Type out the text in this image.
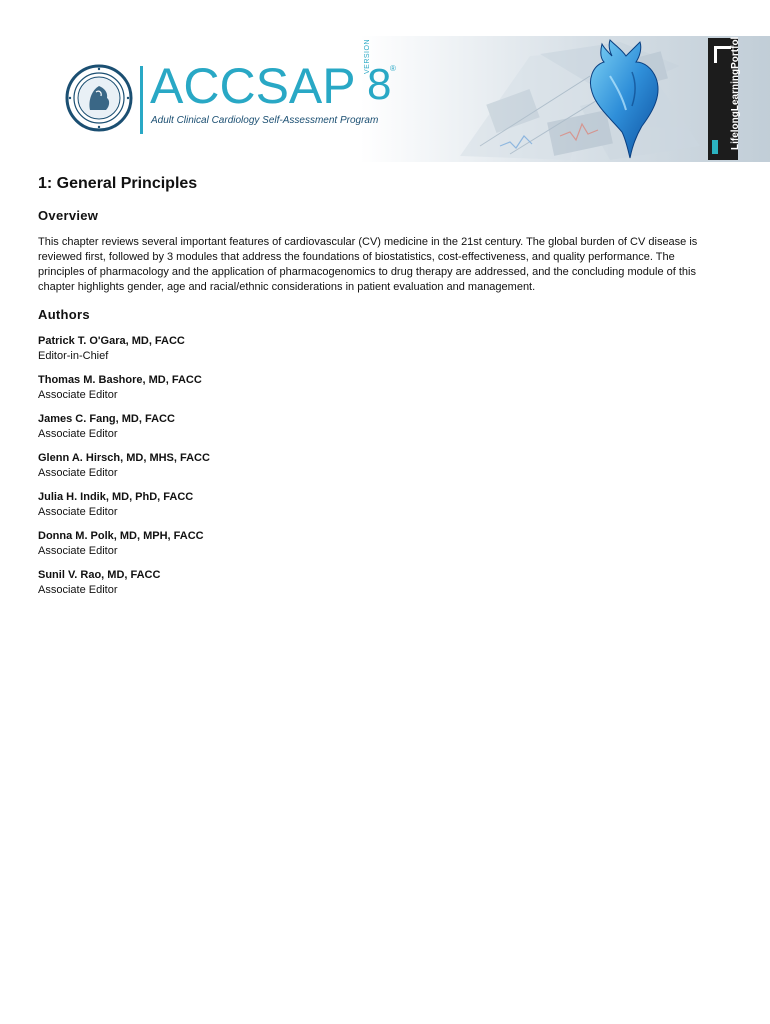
ACCSAP
VERSION
8
®
Adult Clinical Cardiology Self-Assessment Program	LifelongLearningPortfolio
1: General Principles
Overview

This chapter reviews several important features of cardiovascular (CV) medicine in the 21st century. The global burden of CV disease is reviewed first, followed by 3 modules that address the foundations of biostatistics, cost-effectiveness, and quality performance. The principles of pharmacology and the application of pharmacogenomics to drug therapy are addressed, and the concluding module of this chapter highlights gender, age and racial/ethnic considerations in patient evaluation and management.

Authors
Patrick T. O'Gara, MD, FACC
Editor-in-Chief
Thomas M. Bashore, MD, FACC
Associate Editor
James C. Fang, MD, FACC
Associate Editor
Glenn A. Hirsch, MD, MHS, FACC
Associate Editor
Julia H. Indik, MD, PhD, FACC
Associate Editor
Donna M. Polk, MD, MPH, FACC
Associate Editor
Sunil V. Rao, MD, FACC
Associate Editor
